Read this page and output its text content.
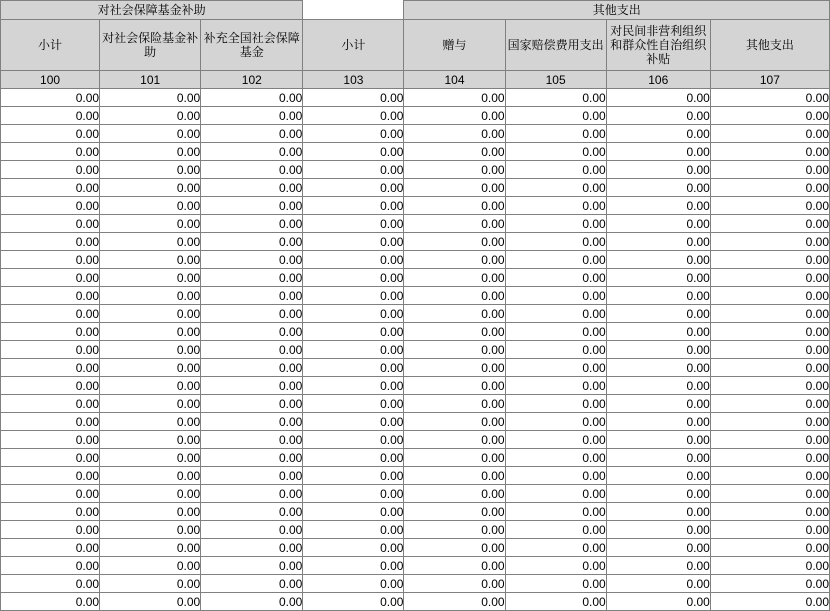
对社会保障基金补助				其他支出			
小计	对社会保险基金补助	补充全国社会保障基金	小计	赠与	国家赔偿费用支出	对民间非营利组织和群众性自治组织补贴	其他支出
100	101	102	103	104	105	106	107
0.00	0.00	0.00	0.00	0.00	0.00	0.00	0.00
0.00	0.00	0.00	0.00	0.00	0.00	0.00	0.00
0.00	0.00	0.00	0.00	0.00	0.00	0.00	0.00
0.00	0.00	0.00	0.00	0.00	0.00	0.00	0.00
0.00	0.00	0.00	0.00	0.00	0.00	0.00	0.00
0.00	0.00	0.00	0.00	0.00	0.00	0.00	0.00
0.00	0.00	0.00	0.00	0.00	0.00	0.00	0.00
0.00	0.00	0.00	0.00	0.00	0.00	0.00	0.00
0.00	0.00	0.00	0.00	0.00	0.00	0.00	0.00
0.00	0.00	0.00	0.00	0.00	0.00	0.00	0.00
0.00	0.00	0.00	0.00	0.00	0.00	0.00	0.00
0.00	0.00	0.00	0.00	0.00	0.00	0.00	0.00
0.00	0.00	0.00	0.00	0.00	0.00	0.00	0.00
0.00	0.00	0.00	0.00	0.00	0.00	0.00	0.00
0.00	0.00	0.00	0.00	0.00	0.00	0.00	0.00
0.00	0.00	0.00	0.00	0.00	0.00	0.00	0.00
0.00	0.00	0.00	0.00	0.00	0.00	0.00	0.00
0.00	0.00	0.00	0.00	0.00	0.00	0.00	0.00
0.00	0.00	0.00	0.00	0.00	0.00	0.00	0.00
0.00	0.00	0.00	0.00	0.00	0.00	0.00	0.00
0.00	0.00	0.00	0.00	0.00	0.00	0.00	0.00
0.00	0.00	0.00	0.00	0.00	0.00	0.00	0.00
0.00	0.00	0.00	0.00	0.00	0.00	0.00	0.00
0.00	0.00	0.00	0.00	0.00	0.00	0.00	0.00
0.00	0.00	0.00	0.00	0.00	0.00	0.00	0.00
0.00	0.00	0.00	0.00	0.00	0.00	0.00	0.00
0.00	0.00	0.00	0.00	0.00	0.00	0.00	0.00
0.00	0.00	0.00	0.00	0.00	0.00	0.00	0.00
0.00	0.00	0.00	0.00	0.00	0.00	0.00	0.00
